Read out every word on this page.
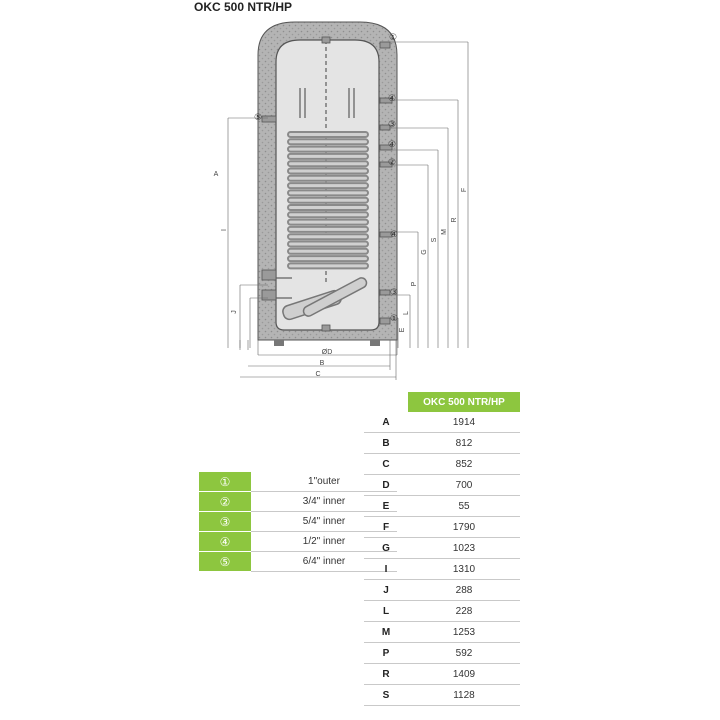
OKC 500 NTR/HP
A
I
J
E
L
P
G
S
M
R
F
ØD
B
C
①
④
⑤
③
④
②
④
③
①
①	1"outer
②	3/4" inner
③	5/4" inner
④	1/2" inner
⑤	6/4" inner
	OKC 500 NTR/HP
A	1914
B	812
C	852
D	700
E	55
F	1790
G	1023
I	1310
J	288
L	228
M	1253
P	592
R	1409
S	1128
